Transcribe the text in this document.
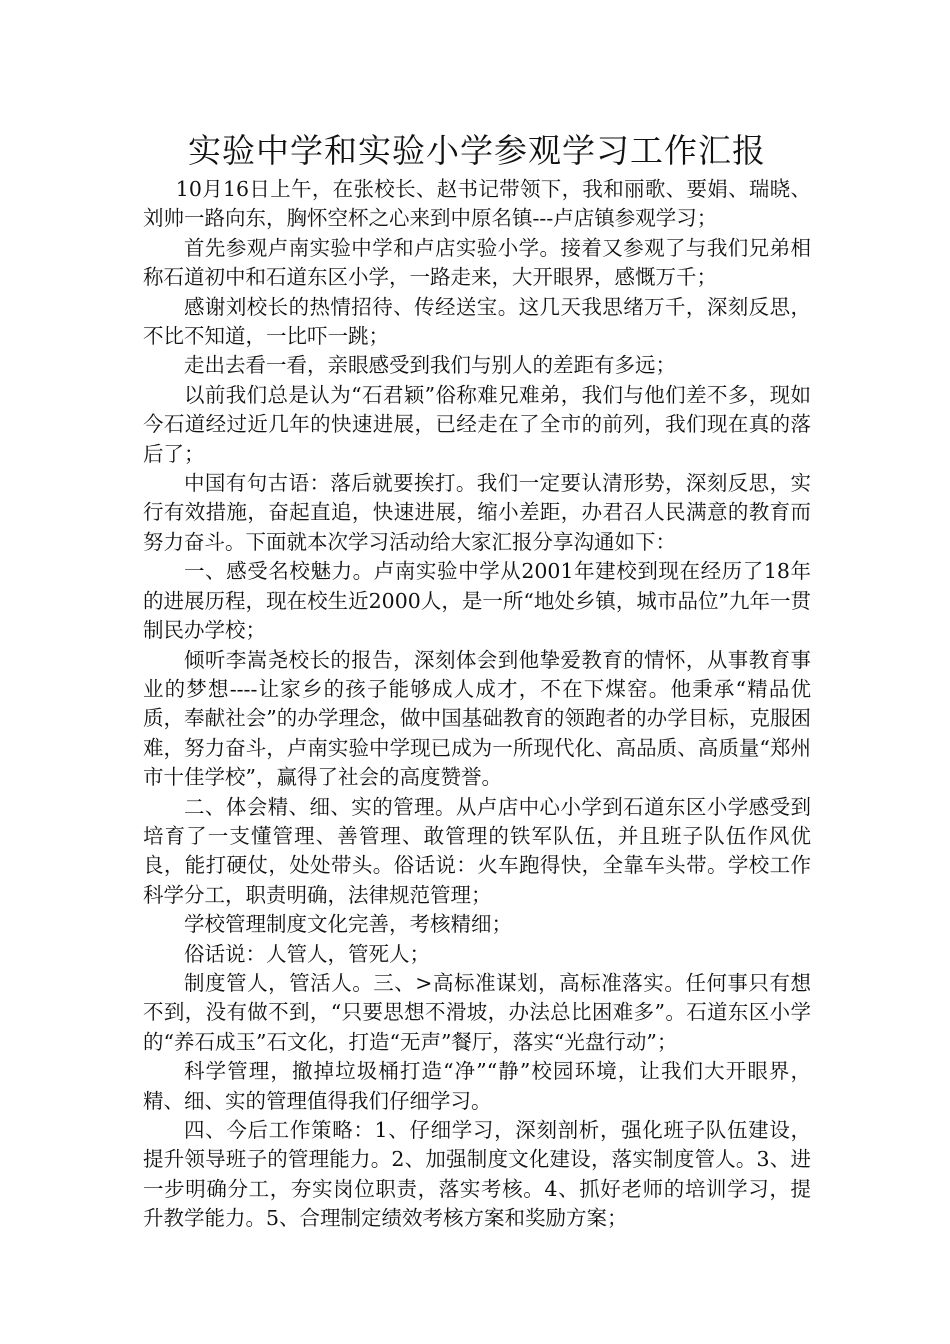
实验中学和实验小学参观学习工作汇报

10月16日上午，在张校长、赵书记带领下，我和丽歌、要娟、瑞晓、刘帅一路向东，胸怀空杯之心来到中原名镇---卢店镇参观学习；

首先参观卢南实验中学和卢店实验小学。接着又参观了与我们兄弟相称石道初中和石道东区小学，一路走来，大开眼界，感慨万千；

感谢刘校长的热情招待、传经送宝。这几天我思绪万千，深刻反思，不比不知道，一比吓一跳；

走出去看一看，亲眼感受到我们与别人的差距有多远；

以前我们总是认为“石君颖”俗称难兄难弟，我们与他们差不多，现如今石道经过近几年的快速进展，已经走在了全市的前列，我们现在真的落后了；

中国有句古语：落后就要挨打。我们一定要认清形势，深刻反思，实行有效措施，奋起直追，快速进展，缩小差距，办君召人民满意的教育而努力奋斗。下面就本次学习活动给大家汇报分享沟通如下：

一、感受名校魅力。卢南实验中学从2001年建校到现在经历了18年的进展历程，现在校生近2000人，是一所“地处乡镇，城市品位”九年一贯制民办学校；

倾听李嵩尧校长的报告，深刻体会到他挚爱教育的情怀，从事教育事业的梦想----让家乡的孩子能够成人成才，不在下煤窑。他秉承“精品优质，奉献社会”的办学理念，做中国基础教育的领跑者的办学目标，克服困难，努力奋斗，卢南实验中学现已成为一所现代化、高品质、高质量“郑州市十佳学校”，赢得了社会的高度赞誉。

二、体会精、细、实的管理。从卢店中心小学到石道东区小学感受到培育了一支懂管理、善管理、敢管理的铁军队伍，并且班子队伍作风优良，能打硬仗，处处带头。俗话说：火车跑得快，全靠车头带。学校工作科学分工，职责明确，法律规范管理；

学校管理制度文化完善，考核精细；

俗话说：人管人，管死人；

制度管人，管活人。三、>高标准谋划，高标准落实。任何事只有想不到，没有做不到，“只要思想不滑坡，办法总比困难多”。石道东区小学的“养石成玉”石文化，打造“无声”餐厅，落实“光盘行动”；

科学管理，撤掉垃圾桶打造“净”“静”校园环境，让我们大开眼界，精、细、实的管理值得我们仔细学习。

四、今后工作策略：1、仔细学习，深刻剖析，强化班子队伍建设，提升领导班子的管理能力。2、加强制度文化建设，落实制度管人。3、进一步明确分工，夯实岗位职责，落实考核。4、抓好老师的培训学习，提升教学能力。5、合理制定绩效考核方案和奖励方案；
